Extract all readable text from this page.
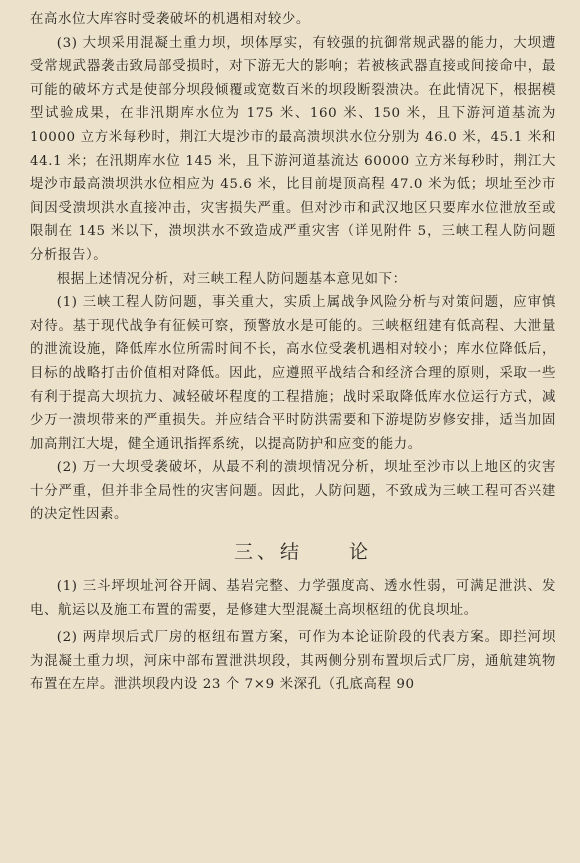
在高水位大库容时受袭破坏的机遇相对较少。

(3) 大坝采用混凝土重力坝，坝体厚实，有较强的抗御常规武器的能力，大坝遭受常规武器袭击致局部受损时，对下游无大的影响；若被核武器直接或间接命中，最可能的破坏方式是使部分坝段倾覆或宽数百米的坝段断裂溃决。在此情况下，根据模型试验成果，在非汛期库水位为 175 米、160 米、150 米，且下游河道基流为 10000 立方米每秒时，荆江大堤沙市的最高溃坝洪水位分别为 46.0 米，45.1 米和 44.1 米；在汛期库水位 145 米，且下游河道基流达 60000 立方米每秒时，荆江大堤沙市最高溃坝洪水位相应为 45.6 米，比目前堤顶高程 47.0 米为低；坝址至沙市间因受溃坝洪水直接冲击，灾害损失严重。但对沙市和武汉地区只要库水位泄放至或限制在 145 米以下，溃坝洪水不致造成严重灾害（详见附件 5，三峡工程人防问题分析报告）。

根据上述情况分析，对三峡工程人防问题基本意见如下：

(1) 三峡工程人防问题，事关重大，实质上属战争风险分析与对策问题，应审慎对待。基于现代战争有征候可察，预警放水是可能的。三峡枢纽建有低高程、大泄量的泄流设施，降低库水位所需时间不长，高水位受袭机遇相对较小；库水位降低后，目标的战略打击价值相对降低。因此，应遵照平战结合和经济合理的原则，采取一些有利于提高大坝抗力、减轻破坏程度的工程措施；战时采取降低库水位运行方式，减少万一溃坝带来的严重损失。并应结合平时防洪需要和下游堤防岁修安排，适当加固加高荆江大堤，健全通讯指挥系统，以提高防护和应变的能力。

(2) 万一大坝受袭破坏，从最不利的溃坝情况分析，坝址至沙市以上地区的灾害十分严重，但并非全局性的灾害问题。因此，人防问题，不致成为三峡工程可否兴建的决定性因素。

三、结　　论

(1) 三斗坪坝址河谷开阔、基岩完整、力学强度高、透水性弱，可满足泄洪、发电、航运以及施工布置的需要，是修建大型混凝土高坝枢纽的优良坝址。

(2) 两岸坝后式厂房的枢纽布置方案，可作为本论证阶段的代表方案。即拦河坝为混凝土重力坝，河床中部布置泄洪坝段，其两侧分别布置坝后式厂房，通航建筑物布置在左岸。泄洪坝段内设 23 个 7×9 米深孔（孔底高程 90
